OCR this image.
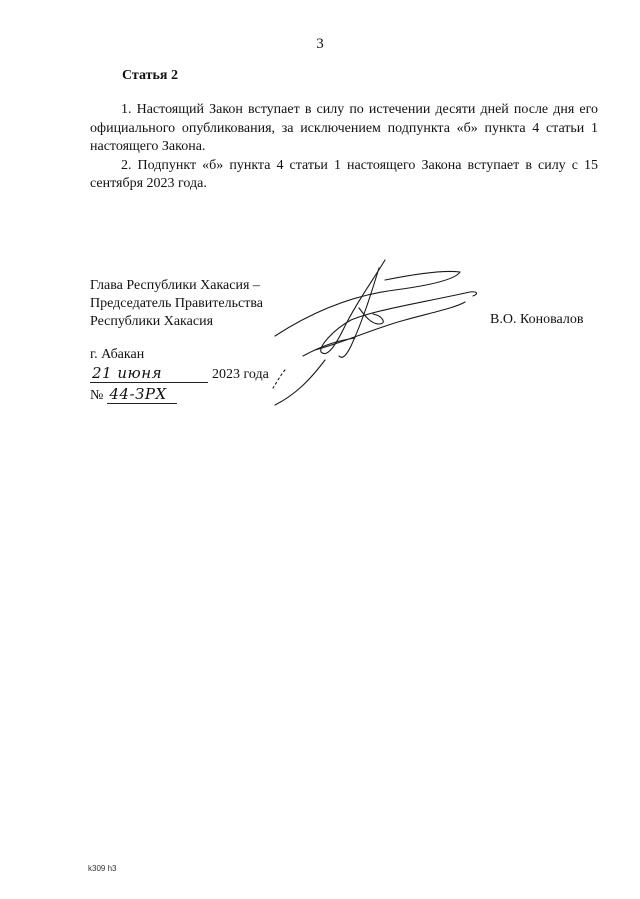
3
Статья 2

1. Настоящий Закон вступает в силу по истечении десяти дней после дня его официального опубликования, за исключением подпункта «б» пункта 4 статьи 1 настоящего Закона.

2. Подпункт «б» пункта 4 статьи 1 настоящего Закона вступает в силу с 15 сентября 2023 года.

Глава Республики Хакасия –
Председатель Правительства
Республики Хакасия	В.О. Коновалов
г. Абакан
21 июня	2023 года
№ 44-ЗРХ
k309 h3
